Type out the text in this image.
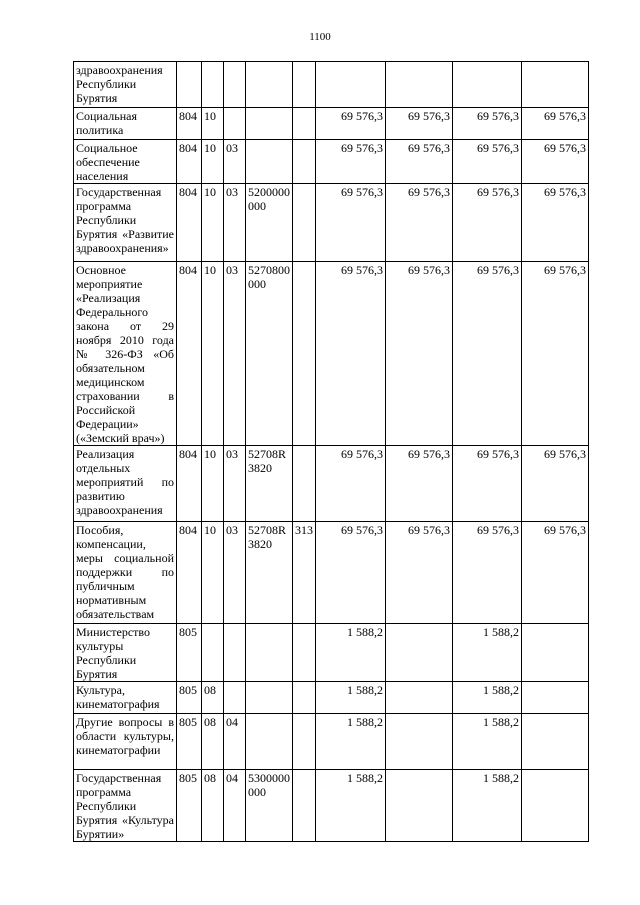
1100
здравоохранения Республики Бурятия									
Социальная политика	804	10				69 576,3	69 576,3	69 576,3	69 576,3
Социальное обеспечение населения	804	10	03			69 576,3	69 576,3	69 576,3	69 576,3
Государственная программа Республики Бурятия «Развитие здравоохранения»	804	10	03	5200000000		69 576,3	69 576,3	69 576,3	69 576,3
Основное мероприятие «Реализация Федерального закона от 29 ноября 2010 года № 326-ФЗ «Об обязательном медицинском страховании в Российской Федерации» («Земский врач»)	804	10	03	5270800000		69 576,3	69 576,3	69 576,3	69 576,3
Реализация отдельных мероприятий по развитию здравоохранения	804	10	03	52708R3820		69 576,3	69 576,3	69 576,3	69 576,3
Пособия, компенсации, меры социальной поддержки по публичным нормативным обязательствам	804	10	03	52708R3820	313	69 576,3	69 576,3	69 576,3	69 576,3
Министерство культуры Республики Бурятия	805					1 588,2		1 588,2	
Культура, кинематография	805	08				1 588,2		1 588,2	
Другие вопросы в области культуры, кинематографии	805	08	04			1 588,2		1 588,2	
Государственная программа Республики Бурятия «Культура Бурятии»	805	08	04	5300000000		1 588,2		1 588,2	
